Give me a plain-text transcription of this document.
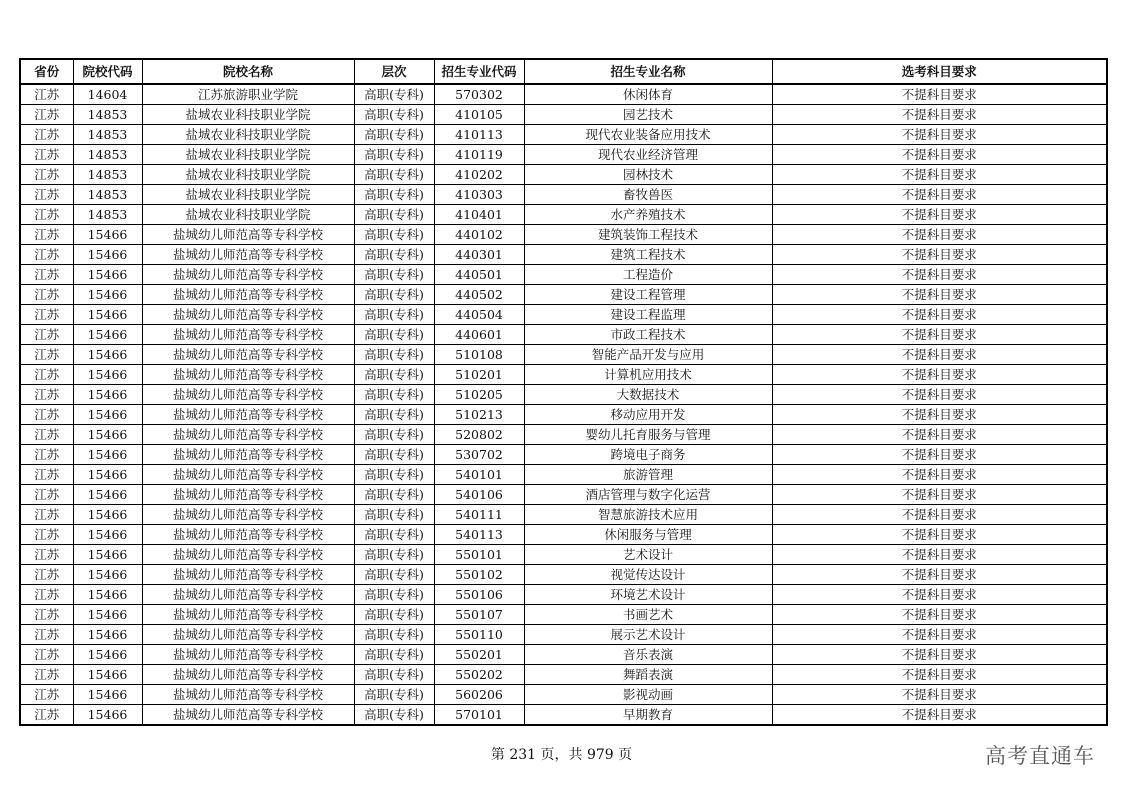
省份	院校代码	院校名称	层次	招生专业代码	招生专业名称	选考科目要求
江苏	14604	江苏旅游职业学院	高职(专科)	570302	休闲体育	不提科目要求
江苏	14853	盐城农业科技职业学院	高职(专科)	410105	园艺技术	不提科目要求
江苏	14853	盐城农业科技职业学院	高职(专科)	410113	现代农业装备应用技术	不提科目要求
江苏	14853	盐城农业科技职业学院	高职(专科)	410119	现代农业经济管理	不提科目要求
江苏	14853	盐城农业科技职业学院	高职(专科)	410202	园林技术	不提科目要求
江苏	14853	盐城农业科技职业学院	高职(专科)	410303	畜牧兽医	不提科目要求
江苏	14853	盐城农业科技职业学院	高职(专科)	410401	水产养殖技术	不提科目要求
江苏	15466	盐城幼儿师范高等专科学校	高职(专科)	440102	建筑装饰工程技术	不提科目要求
江苏	15466	盐城幼儿师范高等专科学校	高职(专科)	440301	建筑工程技术	不提科目要求
江苏	15466	盐城幼儿师范高等专科学校	高职(专科)	440501	工程造价	不提科目要求
江苏	15466	盐城幼儿师范高等专科学校	高职(专科)	440502	建设工程管理	不提科目要求
江苏	15466	盐城幼儿师范高等专科学校	高职(专科)	440504	建设工程监理	不提科目要求
江苏	15466	盐城幼儿师范高等专科学校	高职(专科)	440601	市政工程技术	不提科目要求
江苏	15466	盐城幼儿师范高等专科学校	高职(专科)	510108	智能产品开发与应用	不提科目要求
江苏	15466	盐城幼儿师范高等专科学校	高职(专科)	510201	计算机应用技术	不提科目要求
江苏	15466	盐城幼儿师范高等专科学校	高职(专科)	510205	大数据技术	不提科目要求
江苏	15466	盐城幼儿师范高等专科学校	高职(专科)	510213	移动应用开发	不提科目要求
江苏	15466	盐城幼儿师范高等专科学校	高职(专科)	520802	婴幼儿托育服务与管理	不提科目要求
江苏	15466	盐城幼儿师范高等专科学校	高职(专科)	530702	跨境电子商务	不提科目要求
江苏	15466	盐城幼儿师范高等专科学校	高职(专科)	540101	旅游管理	不提科目要求
江苏	15466	盐城幼儿师范高等专科学校	高职(专科)	540106	酒店管理与数字化运营	不提科目要求
江苏	15466	盐城幼儿师范高等专科学校	高职(专科)	540111	智慧旅游技术应用	不提科目要求
江苏	15466	盐城幼儿师范高等专科学校	高职(专科)	540113	休闲服务与管理	不提科目要求
江苏	15466	盐城幼儿师范高等专科学校	高职(专科)	550101	艺术设计	不提科目要求
江苏	15466	盐城幼儿师范高等专科学校	高职(专科)	550102	视觉传达设计	不提科目要求
江苏	15466	盐城幼儿师范高等专科学校	高职(专科)	550106	环境艺术设计	不提科目要求
江苏	15466	盐城幼儿师范高等专科学校	高职(专科)	550107	书画艺术	不提科目要求
江苏	15466	盐城幼儿师范高等专科学校	高职(专科)	550110	展示艺术设计	不提科目要求
江苏	15466	盐城幼儿师范高等专科学校	高职(专科)	550201	音乐表演	不提科目要求
江苏	15466	盐城幼儿师范高等专科学校	高职(专科)	550202	舞蹈表演	不提科目要求
江苏	15466	盐城幼儿师范高等专科学校	高职(专科)	560206	影视动画	不提科目要求
江苏	15466	盐城幼儿师范高等专科学校	高职(专科)	570101	早期教育	不提科目要求
第 231 页，共 979 页	高考直通车
